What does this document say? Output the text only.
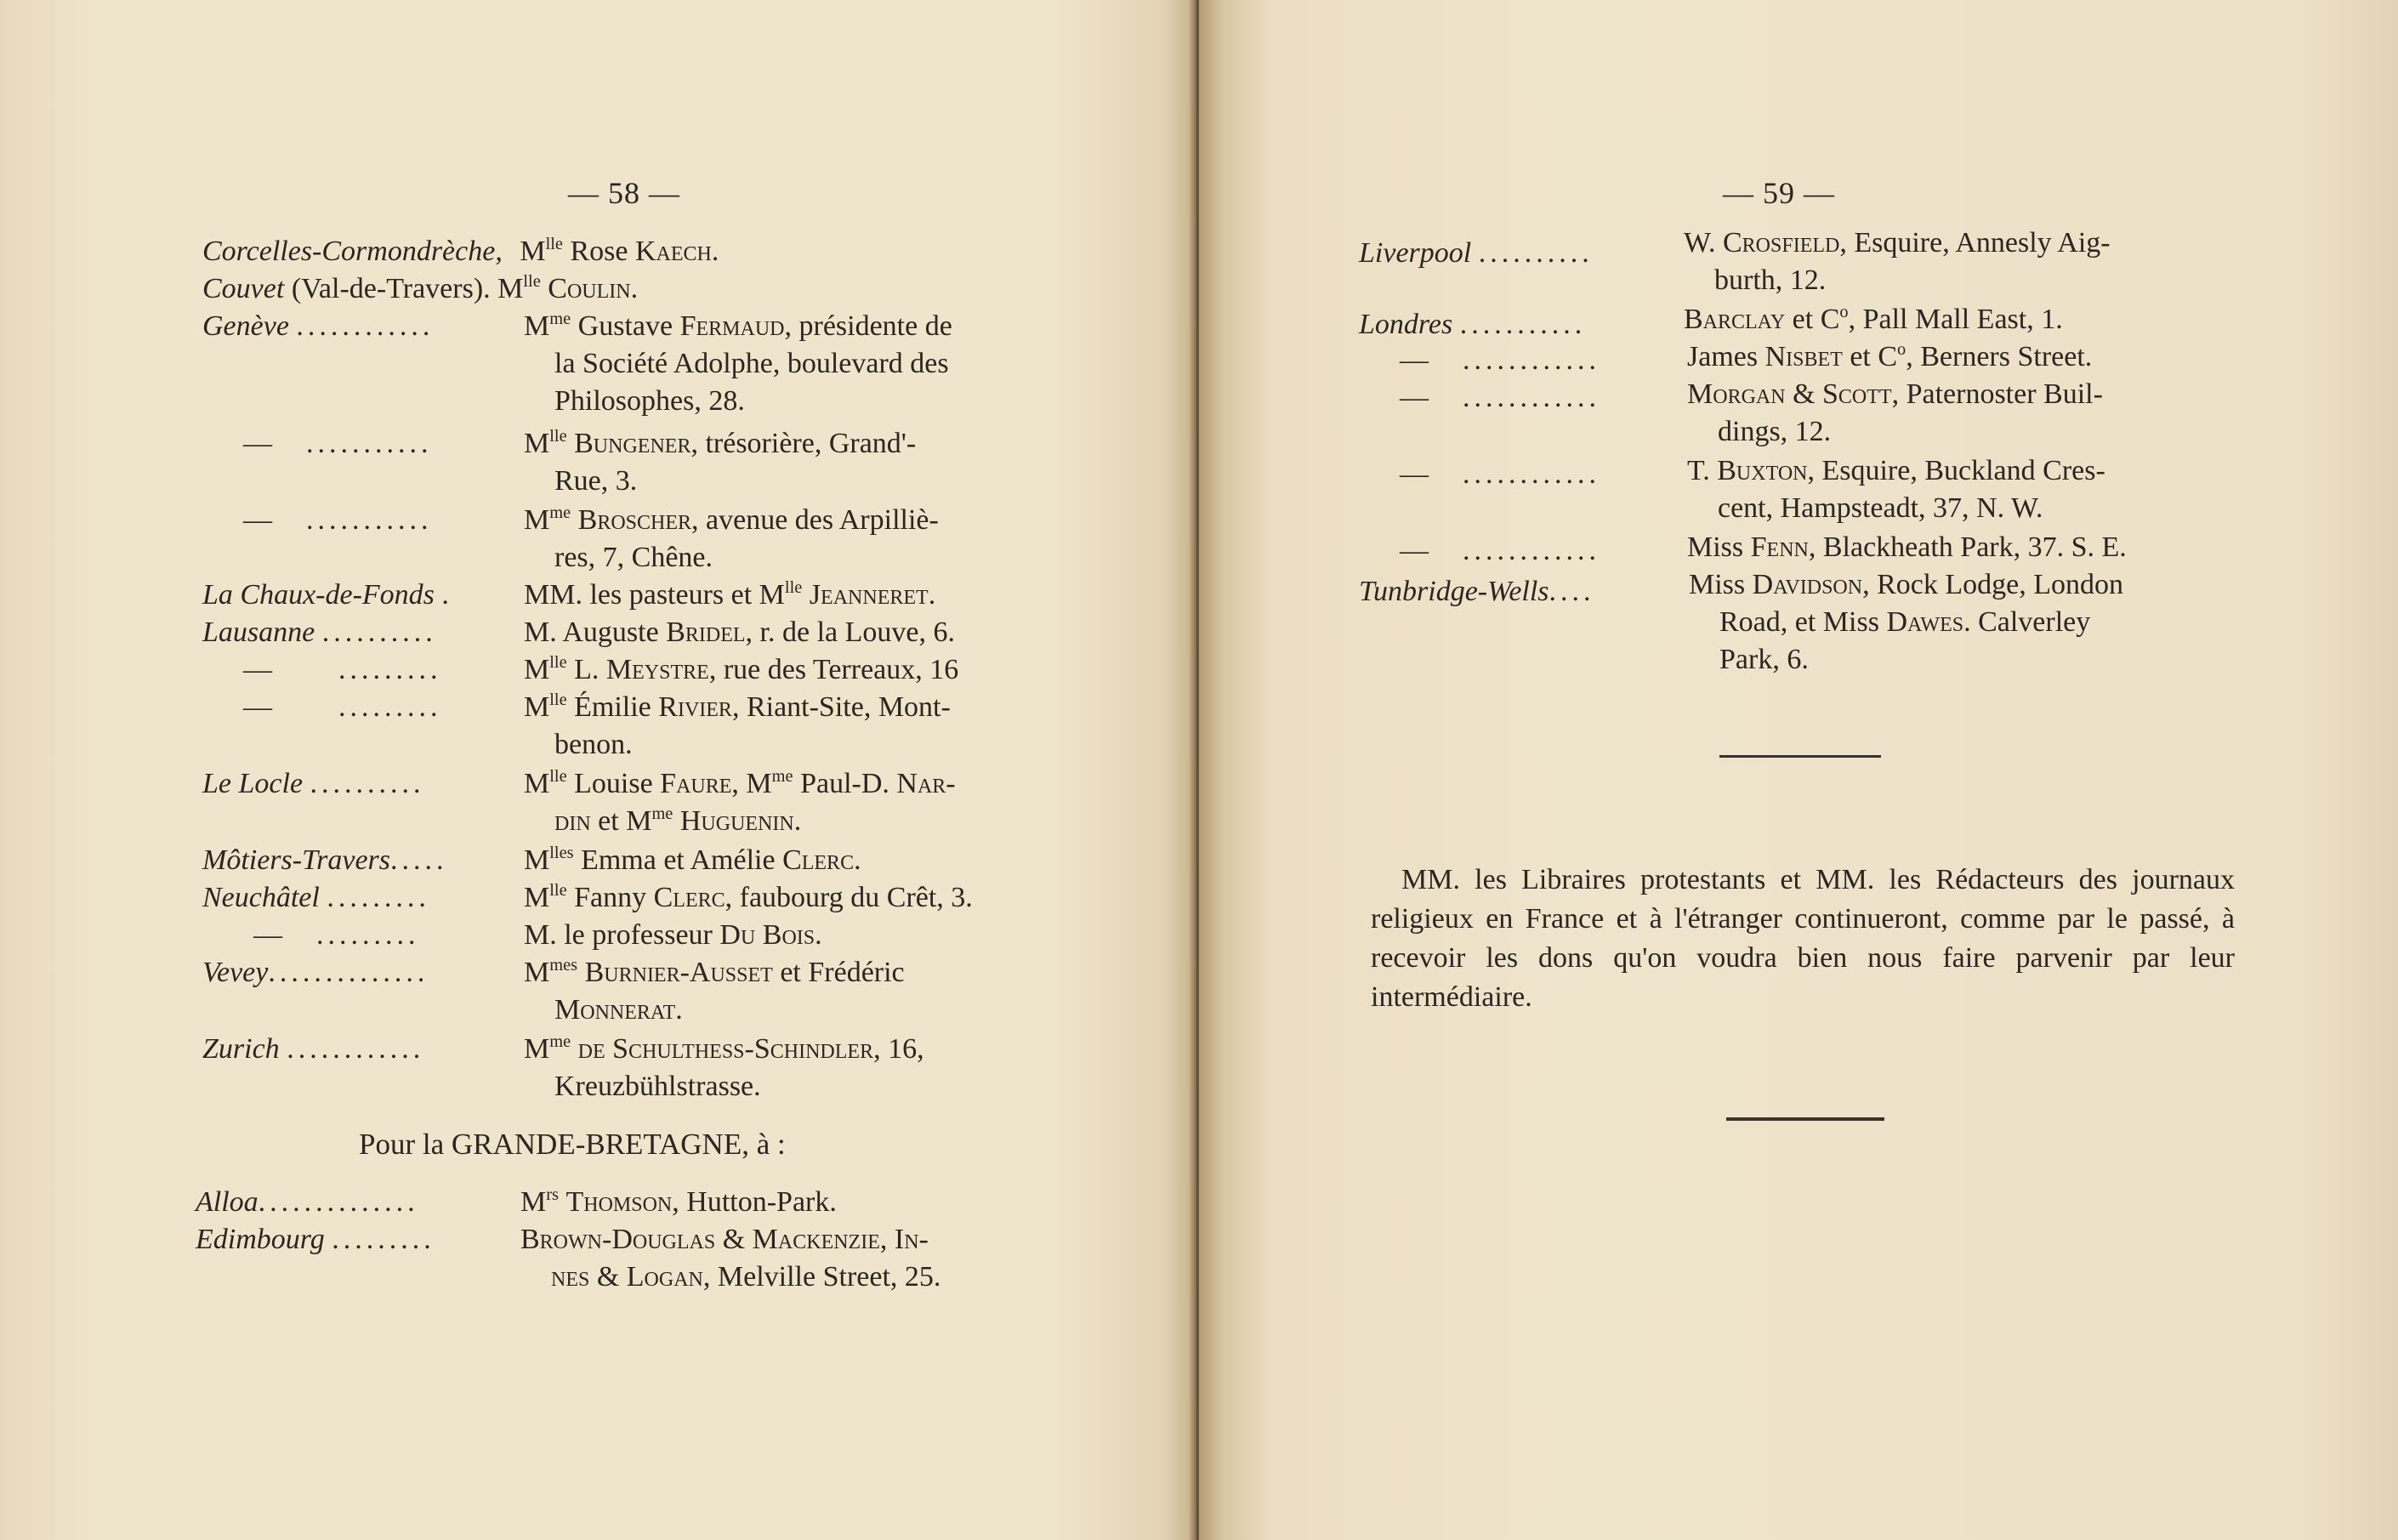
— 58 —
Corcelles-Cormondrèche, $M^{lle}$ Rose Kaech.
Couvet (Val-de-Travers). $M^{lle}$ Coulin.
Genève ............	$M^{me}$ Gustave Fermaud, présidente de
la Société Adolphe, boulevard des
Philosophes, 28.
— ...........	$M^{lle}$ Bungener, trésorière, Grand'-
Rue, 3.
— ...........	$M^{me}$ Broscher, avenue des Arpilliè-
res, 7, Chêne.
La Chaux-de-Fonds . MM. les pasteurs et $M^{lle}$ Jeanneret.
Lausanne ..........	M. Auguste Bridel, r. de la Louve, 6.
— .........	$M^{lle}$ L. Meystre, rue des Terreaux, 16
— .........	$M^{lle}$ Émilie Rivier, Riant-Site, Mont-
benon.
Le Locle ..........	$M^{lle}$ Louise Faure, $M^{me}$ Paul-D. Nar-
din et $M^{me}$ Huguenin.
Môtiers-Travers.....	$M^{lles}$ Emma et Amélie Clerc.
Neuchâtel .........	$M^{lle}$ Fanny Clerc, faubourg du Crêt, 3.
— .........	M. le professeur Du Bois.
Vevey..............	$M^{mes}$ Burnier-Ausset et Frédéric
Monnerat.
Zurich ............	$M^{me}$ de Schulthess-Schindler, 16,
Kreuzbühlstrasse.
Pour la GRANDE-BRETAGNE, à :
Alloa..............	$M^{rs}$ Thomson, Hutton-Park.
Edimbourg .........	Brown-Douglas & Mackenzie, In-
nes & Logan, Melville Street, 25.
— 59 —
Liverpool ..........	W. Crosfield, Esquire, Annesly Aig-
burth, 12.
Londres ...........	Barclay et $C^o$, Pall Mall East, 1.
— ............	James Nisbet et $C^o$, Berners Street.
— ............	Morgan & Scott, Paternoster Buil-
dings, 12.
— ............	T. Buxton, Esquire, Buckland Cres-
cent, Hampsteadt, 37, N. W.
— ............	Miss Fenn, Blackheath Park, 37. S. E.
Tunbridge-Wells....	Miss Davidson, Rock Lodge, London
Road, et Miss Dawes. Calverley
Park, 6.
MM. les Libraires protestants et MM. les Rédacteurs des journaux religieux en France et à l'étranger continueront, comme par le passé, à recevoir les dons qu'on voudra bien nous faire parvenir par leur intermédiaire.
